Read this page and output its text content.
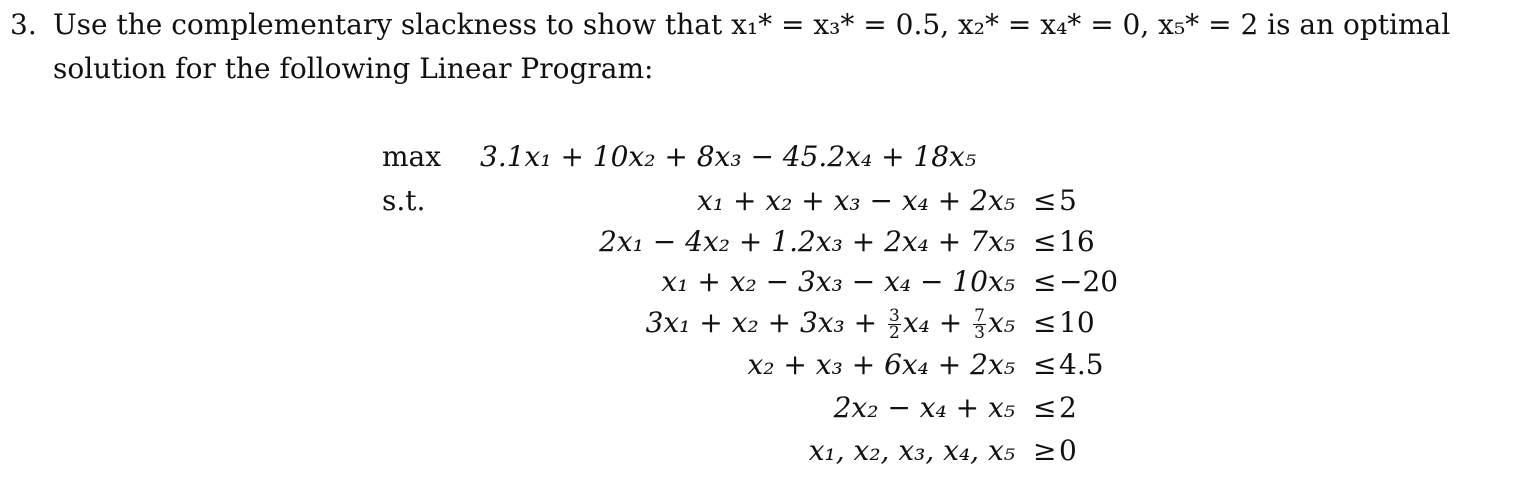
3. Use the complementary slackness to show that x₁* = x₃* = 0.5, x₂* = x₄* = 0, x₅* = 2 is an optimal
solution for the following Linear Program:
max 3.1x₁ + 10x₂ + 8x₃ − 45.2x₄ + 18x₅
s.t.	x₁ + x₂ + x₃ − x₄ + 2x₅ ≤5
2x₁ − 4x₂ + 1.2x₃ + 2x₄ + 7x₅ ≤16
x₁ + x₂ − 3x₃ − x₄ − 10x₅ ≤−20
$3x_1 + x_2 + 3x_3 + \frac{3}{2} x_4 + \frac{7}{3} x_5 \le 10$
x₂ + x₃ + 6x₄ + 2x₅ ≤4.5
2x₂ − x₄ + x₅ ≤2
x₁, x₂, x₃, x₄, x₅ ≥0
